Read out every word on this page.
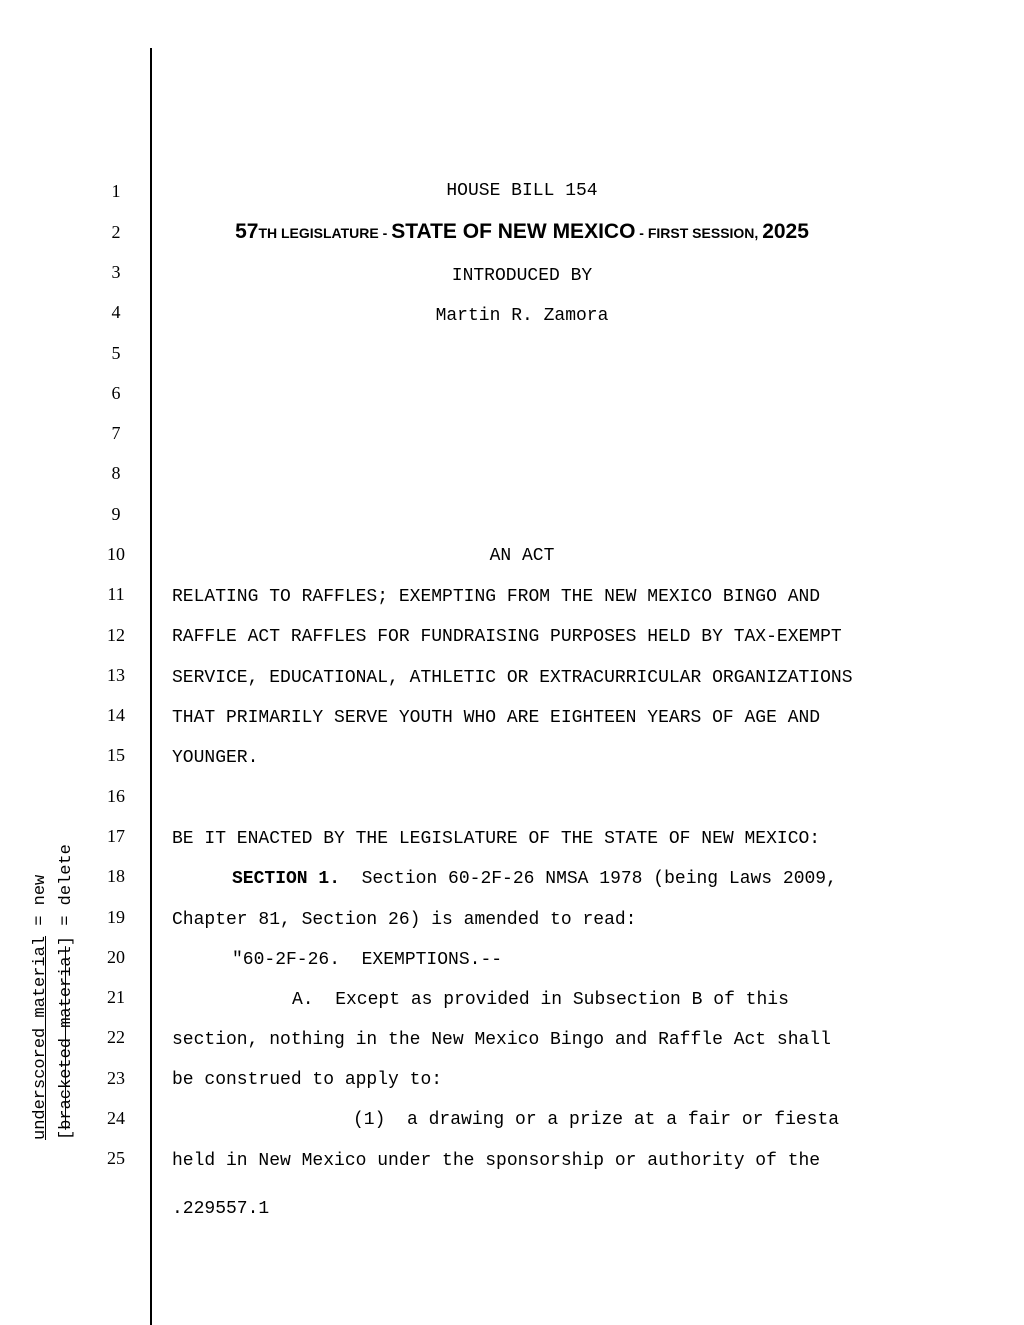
1
2
3
4
5
6
7
8
9
10
11
12
13
14
15
16
17
18
19
20
21
22
23
24
25
HOUSE BILL 154
57TH LEGISLATURE - STATE OF NEW MEXICO - FIRST SESSION, 2025
INTRODUCED BY
Martin R. Zamora
AN ACT
RELATING TO RAFFLES; EXEMPTING FROM THE NEW MEXICO BINGO AND
RAFFLE ACT RAFFLES FOR FUNDRAISING PURPOSES HELD BY TAX-EXEMPT
SERVICE, EDUCATIONAL, ATHLETIC OR EXTRACURRICULAR ORGANIZATIONS
THAT PRIMARILY SERVE YOUTH WHO ARE EIGHTEEN YEARS OF AGE AND
YOUNGER.
BE IT ENACTED BY THE LEGISLATURE OF THE STATE OF NEW MEXICO:
SECTION 1.  Section 60-2F-26 NMSA 1978 (being Laws 2009,
Chapter 81, Section 26) is amended to read:
"60-2F-26.  EXEMPTIONS.--
A.  Except as provided in Subsection B of this
section, nothing in the New Mexico Bingo and Raffle Act shall
be construed to apply to:
(1)  a drawing or a prize at a fair or fiesta
held in New Mexico under the sponsorship or authority of the
.229557.1
underscored material = new
[bracketed material] = delete
